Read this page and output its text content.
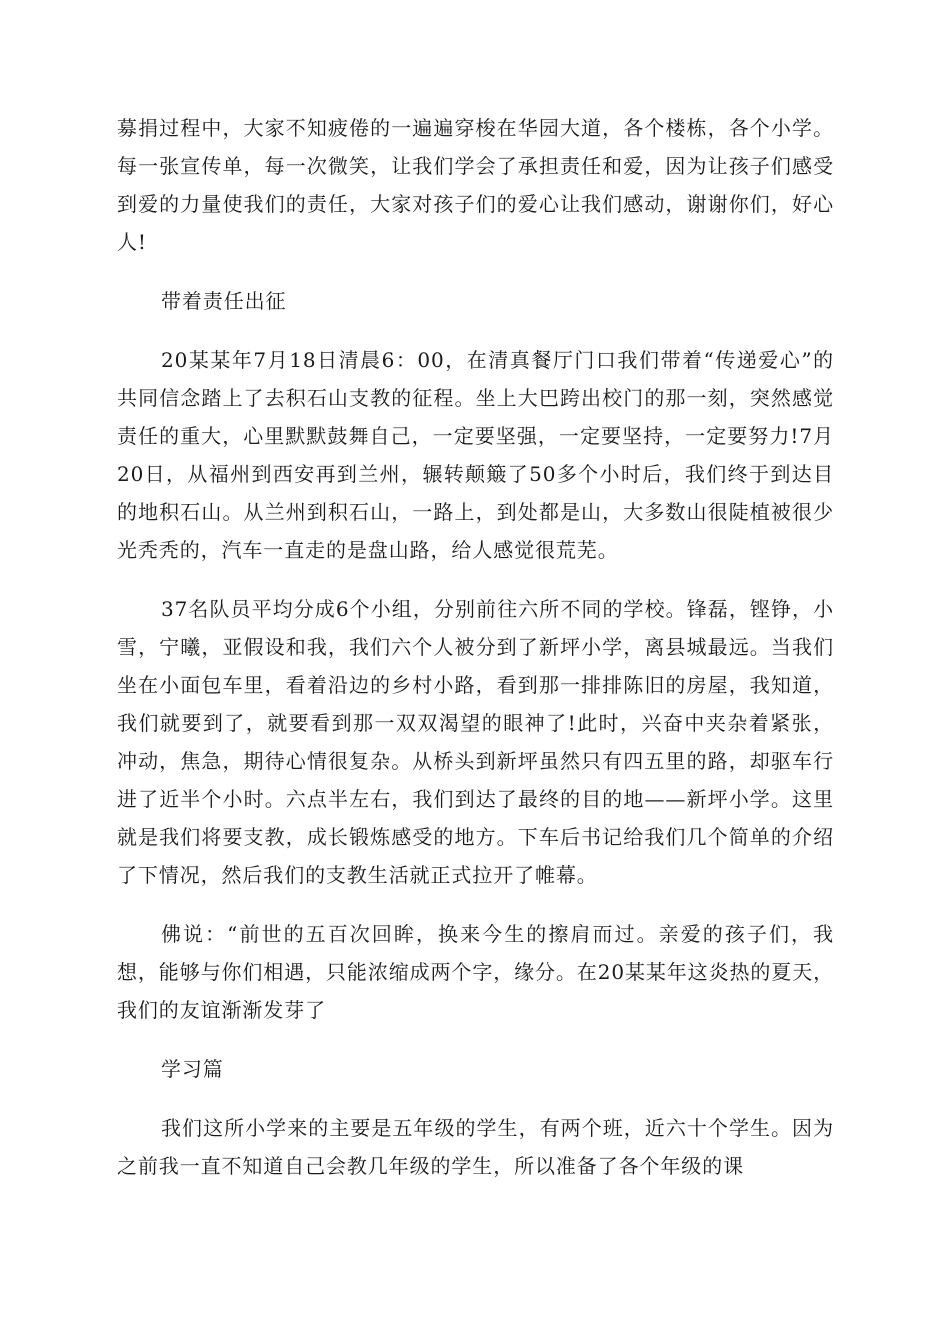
募捐过程中，大家不知疲倦的一遍遍穿梭在华园大道，各个楼栋，各个小学。每一张宣传单，每一次微笑，让我们学会了承担责任和爱，因为让孩子们感受到爱的力量使我们的责任，大家对孩子们的爱心让我们感动，谢谢你们，好心人!

带着责任出征

20某某年7月18日清晨6：00，在清真餐厅门口我们带着“传递爱心”的共同信念踏上了去积石山支教的征程。坐上大巴跨出校门的那一刻，突然感觉责任的重大，心里默默鼓舞自己，一定要坚强，一定要坚持，一定要努力!7月20日，从福州到西安再到兰州，辗转颠簸了50多个小时后，我们终于到达目的地积石山。从兰州到积石山，一路上，到处都是山，大多数山很陡植被很少光秃秃的，汽车一直走的是盘山路，给人感觉很荒芜。

37名队员平均分成6个小组，分别前往六所不同的学校。锋磊，铿铮，小雪，宁曦，亚假设和我，我们六个人被分到了新坪小学，离县城最远。当我们坐在小面包车里，看着沿边的乡村小路，看到那一排排陈旧的房屋，我知道，我们就要到了，就要看到那一双双渴望的眼神了!此时，兴奋中夹杂着紧张，冲动，焦急，期待心情很复杂。从桥头到新坪虽然只有四五里的路，却驱车行进了近半个小时。六点半左右，我们到达了最终的目的地——新坪小学。这里就是我们将要支教，成长锻炼感受的地方。下车后书记给我们几个简单的介绍了下情况，然后我们的支教生活就正式拉开了帷幕。

佛说：“前世的五百次回眸，换来今生的擦肩而过。亲爱的孩子们，我想，能够与你们相遇，只能浓缩成两个字，缘分。在20某某年这炎热的夏天，我们的友谊渐渐发芽了

学习篇

我们这所小学来的主要是五年级的学生，有两个班，近六十个学生。因为之前我一直不知道自己会教几年级的学生，所以准备了各个年级的课
